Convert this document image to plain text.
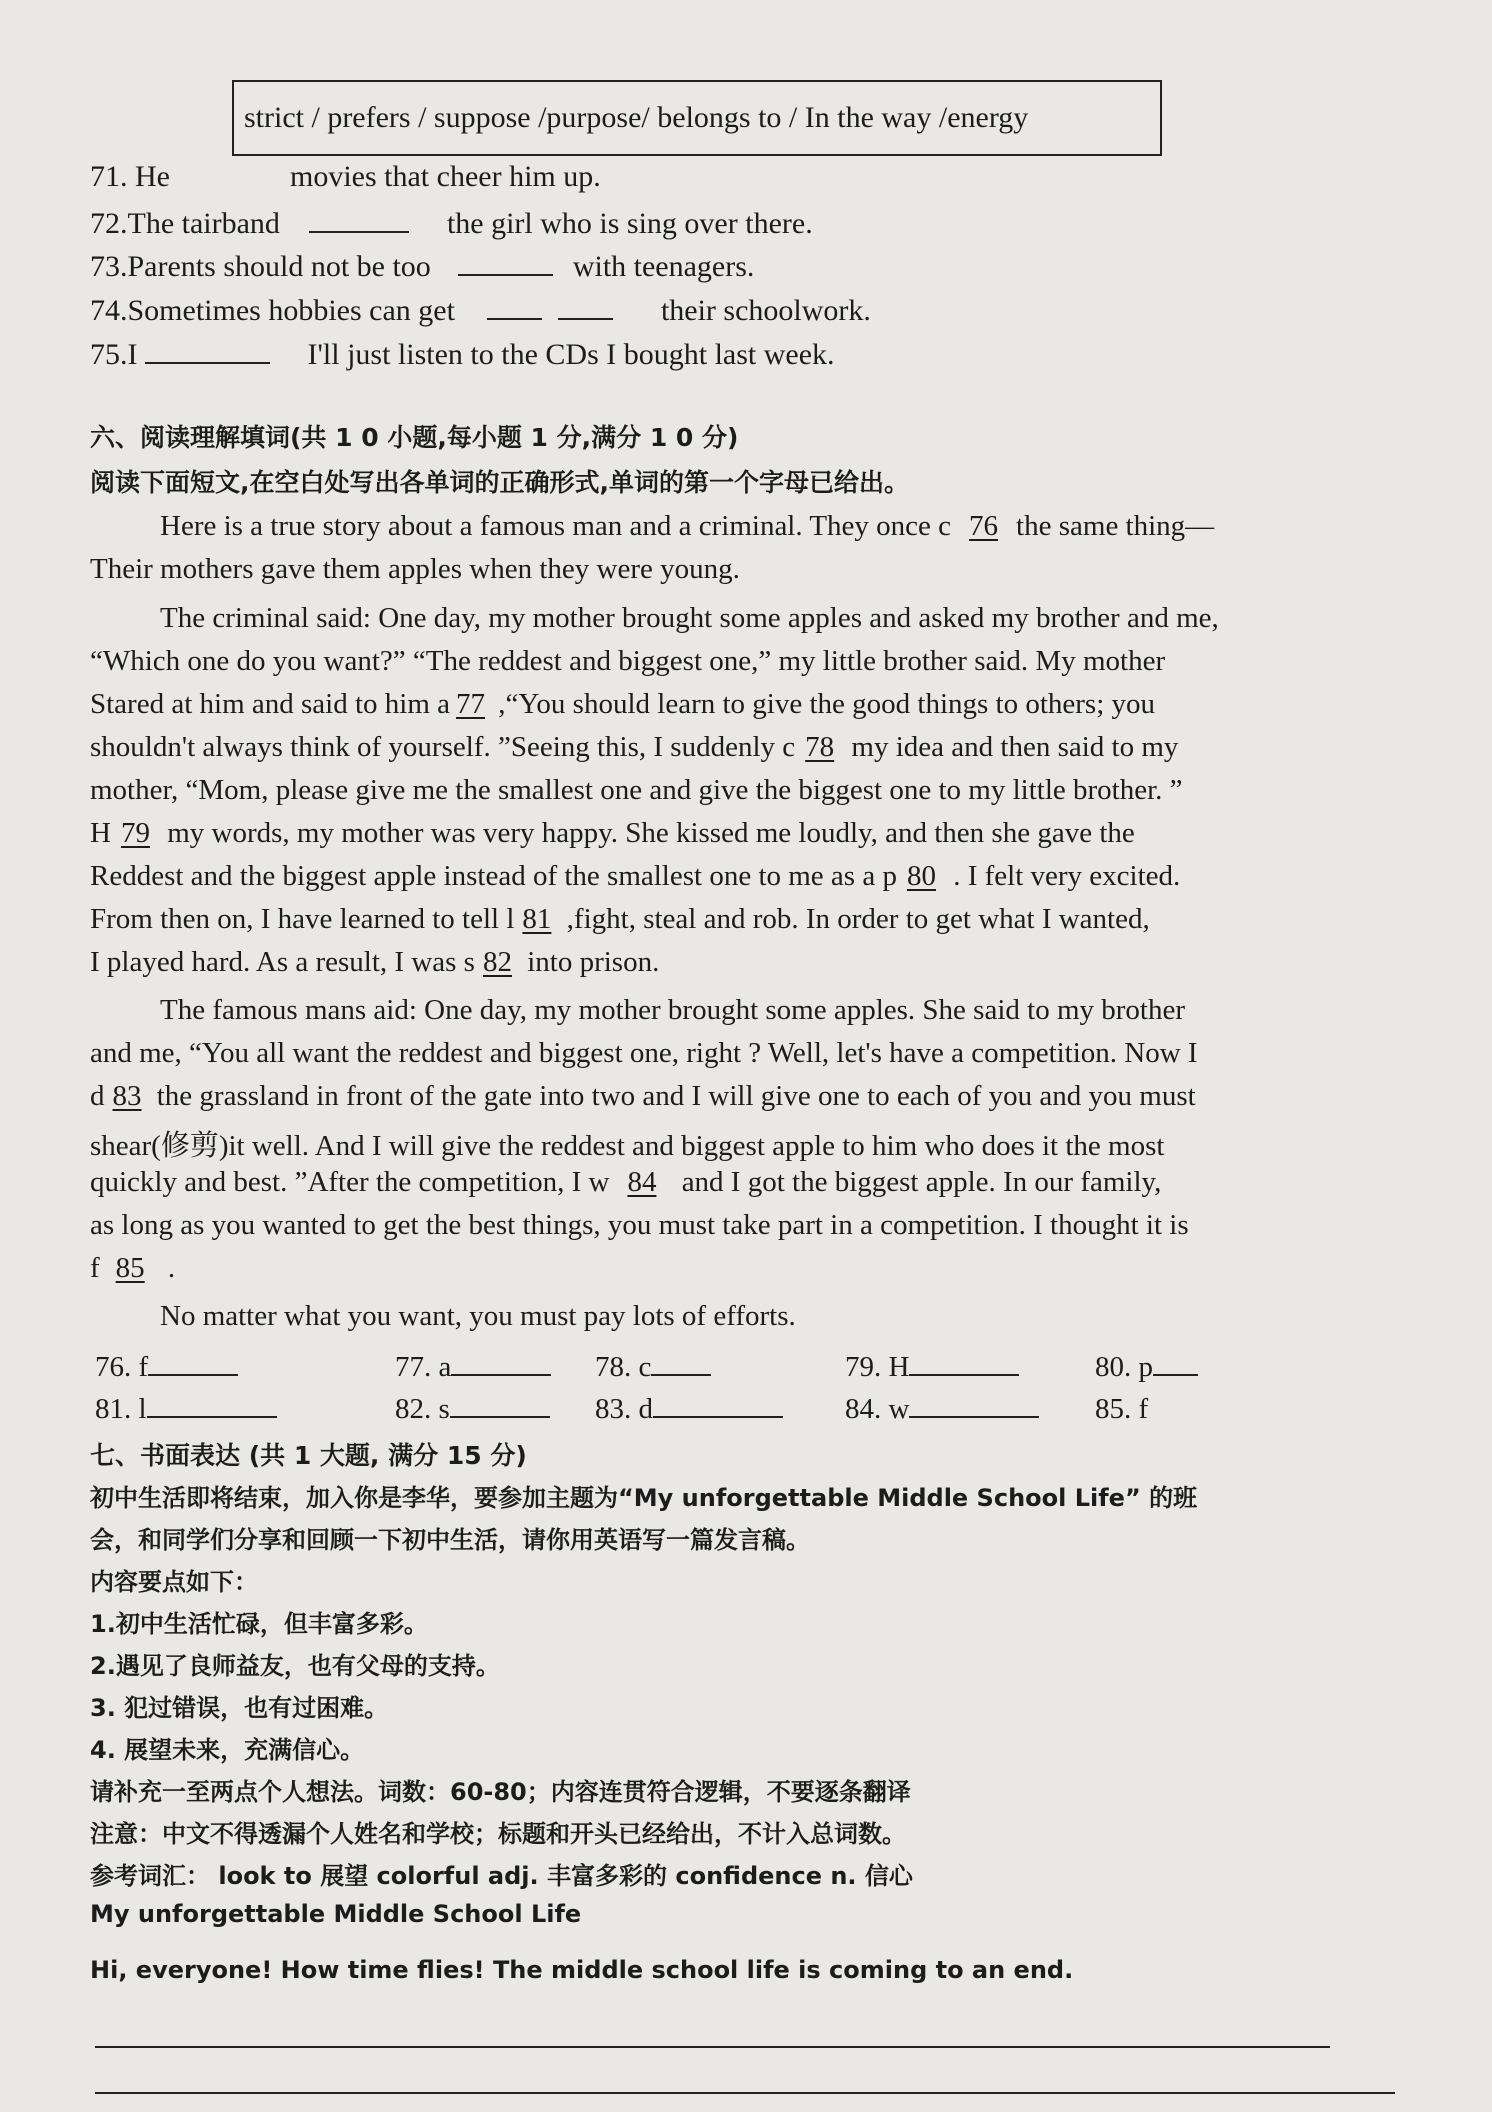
strict / prefers / suppose /purpose/ belongs to / In the way /energy
71. He	movies that cheer him up.
72.The tairband	the girl who is sing over there.
73.Parents should not be too	with teenagers.
74.Sometimes hobbies can get	their schoolwork.
75.I	I'll just listen to the CDs I bought last week.
六、阅读理解填词(共 1 0 小题,每小题 1 分,满分 1 0 分)
阅读下面短文,在空白处写出各单词的正确形式,单词的第一个字母已给出。
Here is a true story about a famous man and a criminal. They once c 76 the same thing—
Their mothers gave them apples when they were young.
The criminal said: One day, my mother brought some apples and asked my brother and me,
“Which one do you want?” “The reddest and biggest one,” my little brother said. My mother
Stared at him and said to him a 77 ,“You should learn to give the good things to others; you
shouldn't always think of yourself. ”Seeing this, I suddenly c 78 my idea and then said to my
mother, “Mom, please give me the smallest one and give the biggest one to my little brother. ”
H 79 my words, my mother was very happy. She kissed me loudly, and then she gave the
Reddest and the biggest apple instead of the smallest one to me as a p 80 . I felt very excited.
From then on, I have learned to tell l 81 ,fight, steal and rob. In order to get what I wanted,
I played hard. As a result, I was s 82 into prison.
The famous mans aid: One day, my mother brought some apples. She said to my brother
and me, “You all want the reddest and biggest one, right ? Well, let's have a competition. Now I
d 83 the grassland in front of the gate into two and I will give one to each of you and you must
shear(修剪)it well. And I will give the reddest and biggest apple to him who does it the most
quickly and best. ”After the competition, I w 84 and I got the biggest apple. In our family,
as long as you wanted to get the best things, you must take part in a competition. I thought it is
f 85 .
No matter what you want, you must pay lots of efforts.
76. f	77. a	78. c	79. H	80. p
81. l	82. s	83. d	84. w	85. f
七、书面表达 (共 1 大题, 满分 15 分)
初中生活即将结束，加入你是李华，要参加主题为“My unforgettable Middle School Life” 的班
会，和同学们分享和回顾一下初中生活，请你用英语写一篇发言稿。
内容要点如下：
1.初中生活忙碌，但丰富多彩。
2.遇见了良师益友，也有父母的支持。
3. 犯过错误，也有过困难。
4. 展望未来，充满信心。
请补充一至两点个人想法。词数：60-80；内容连贯符合逻辑，不要逐条翻译
注意：中文不得透漏个人姓名和学校；标题和开头已经给出，不计入总词数。
参考词汇： look to 展望 colorful adj. 丰富多彩的 confidence n. 信心
My unforgettable Middle School Life
Hi, everyone! How time flies! The middle school life is coming to an end.
